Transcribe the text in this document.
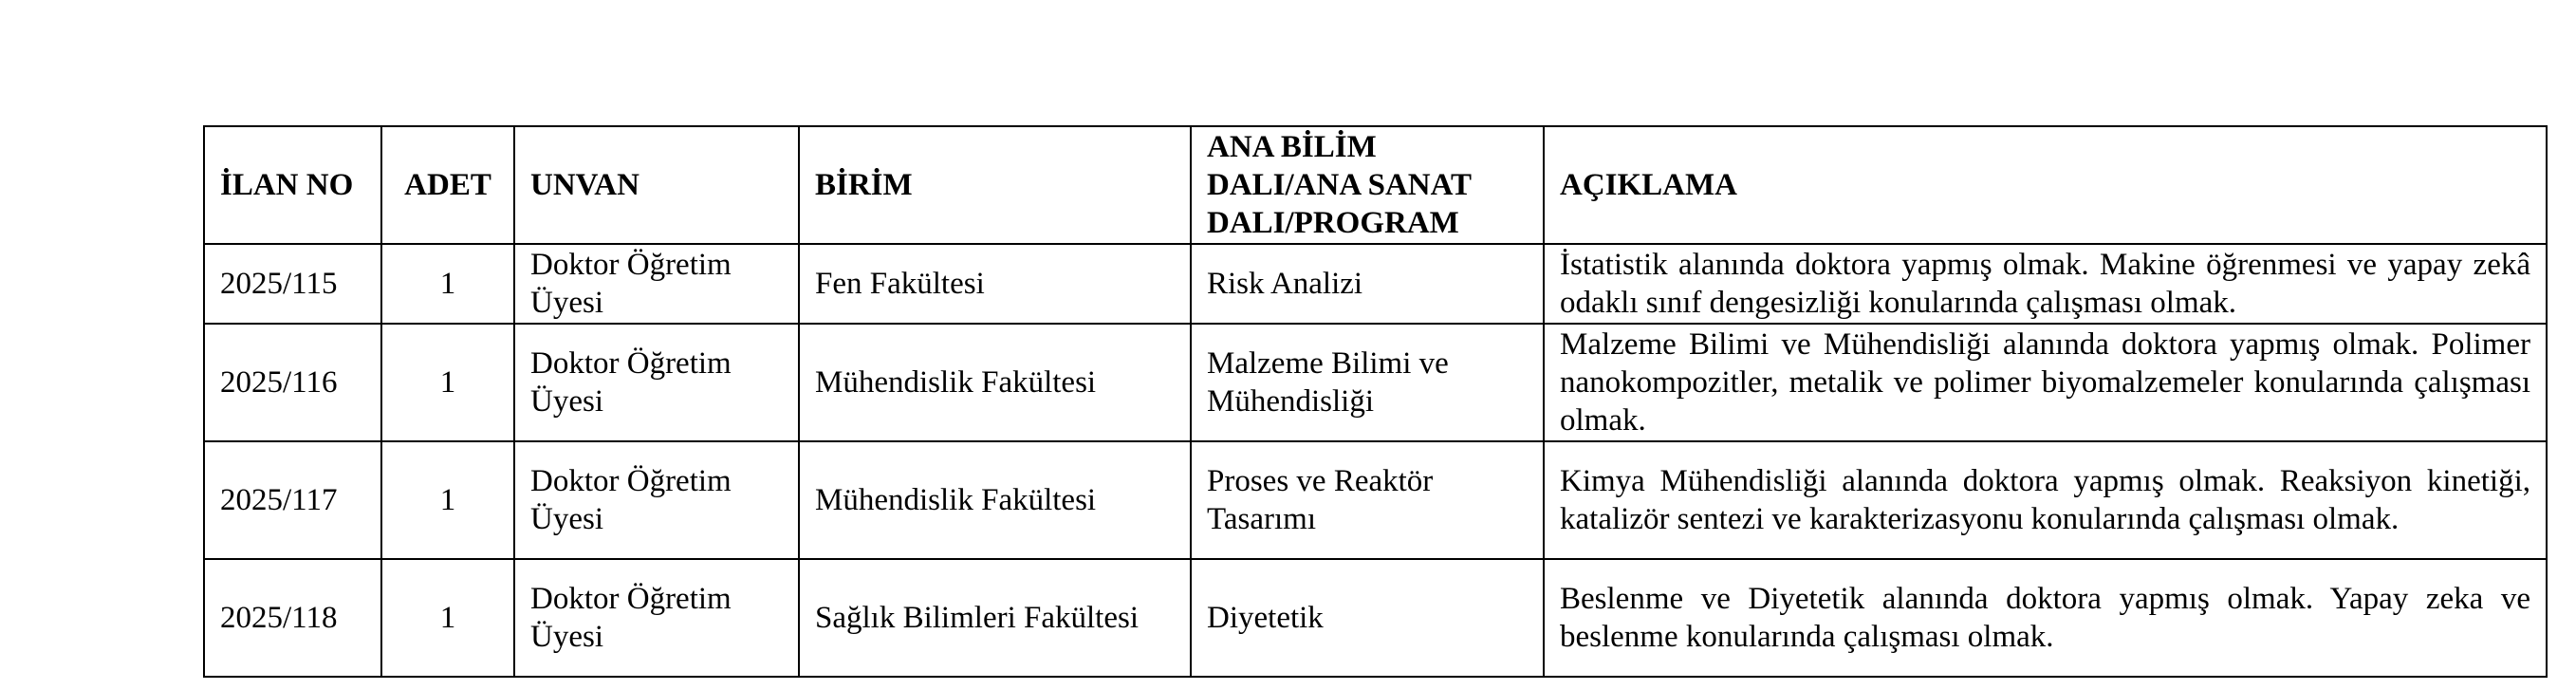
İLAN NO	ADET	UNVAN	BİRİM	ANA BİLİM DALI/ANA SANAT DALI/PROGRAM	AÇIKLAMA
2025/115	1	Doktor Öğretim Üyesi	Fen Fakültesi	Risk Analizi	İstatistik alanında doktora yapmış olmak. Makine öğrenmesi ve yapay zekâ odaklı sınıf dengesizliği konularında çalışması olmak.
2025/116	1	Doktor Öğretim Üyesi	Mühendislik Fakültesi	Malzeme Bilimi ve Mühendisliği	Malzeme Bilimi ve Mühendisliği alanında doktora yapmış olmak. Polimer nanokompozitler, metalik ve polimer biyomalzemeler konularında çalışması olmak.
2025/117	1	Doktor Öğretim Üyesi	Mühendislik Fakültesi	Proses ve Reaktör Tasarımı	Kimya Mühendisliği alanında doktora yapmış olmak. Reaksiyon kinetiği, katalizör sentezi ve karakterizasyonu konularında çalışması olmak.
2025/118	1	Doktor Öğretim Üyesi	Sağlık Bilimleri Fakültesi	Diyetetik	Beslenme ve Diyetetik alanında doktora yapmış olmak. Yapay zeka ve beslenme konularında çalışması olmak.
